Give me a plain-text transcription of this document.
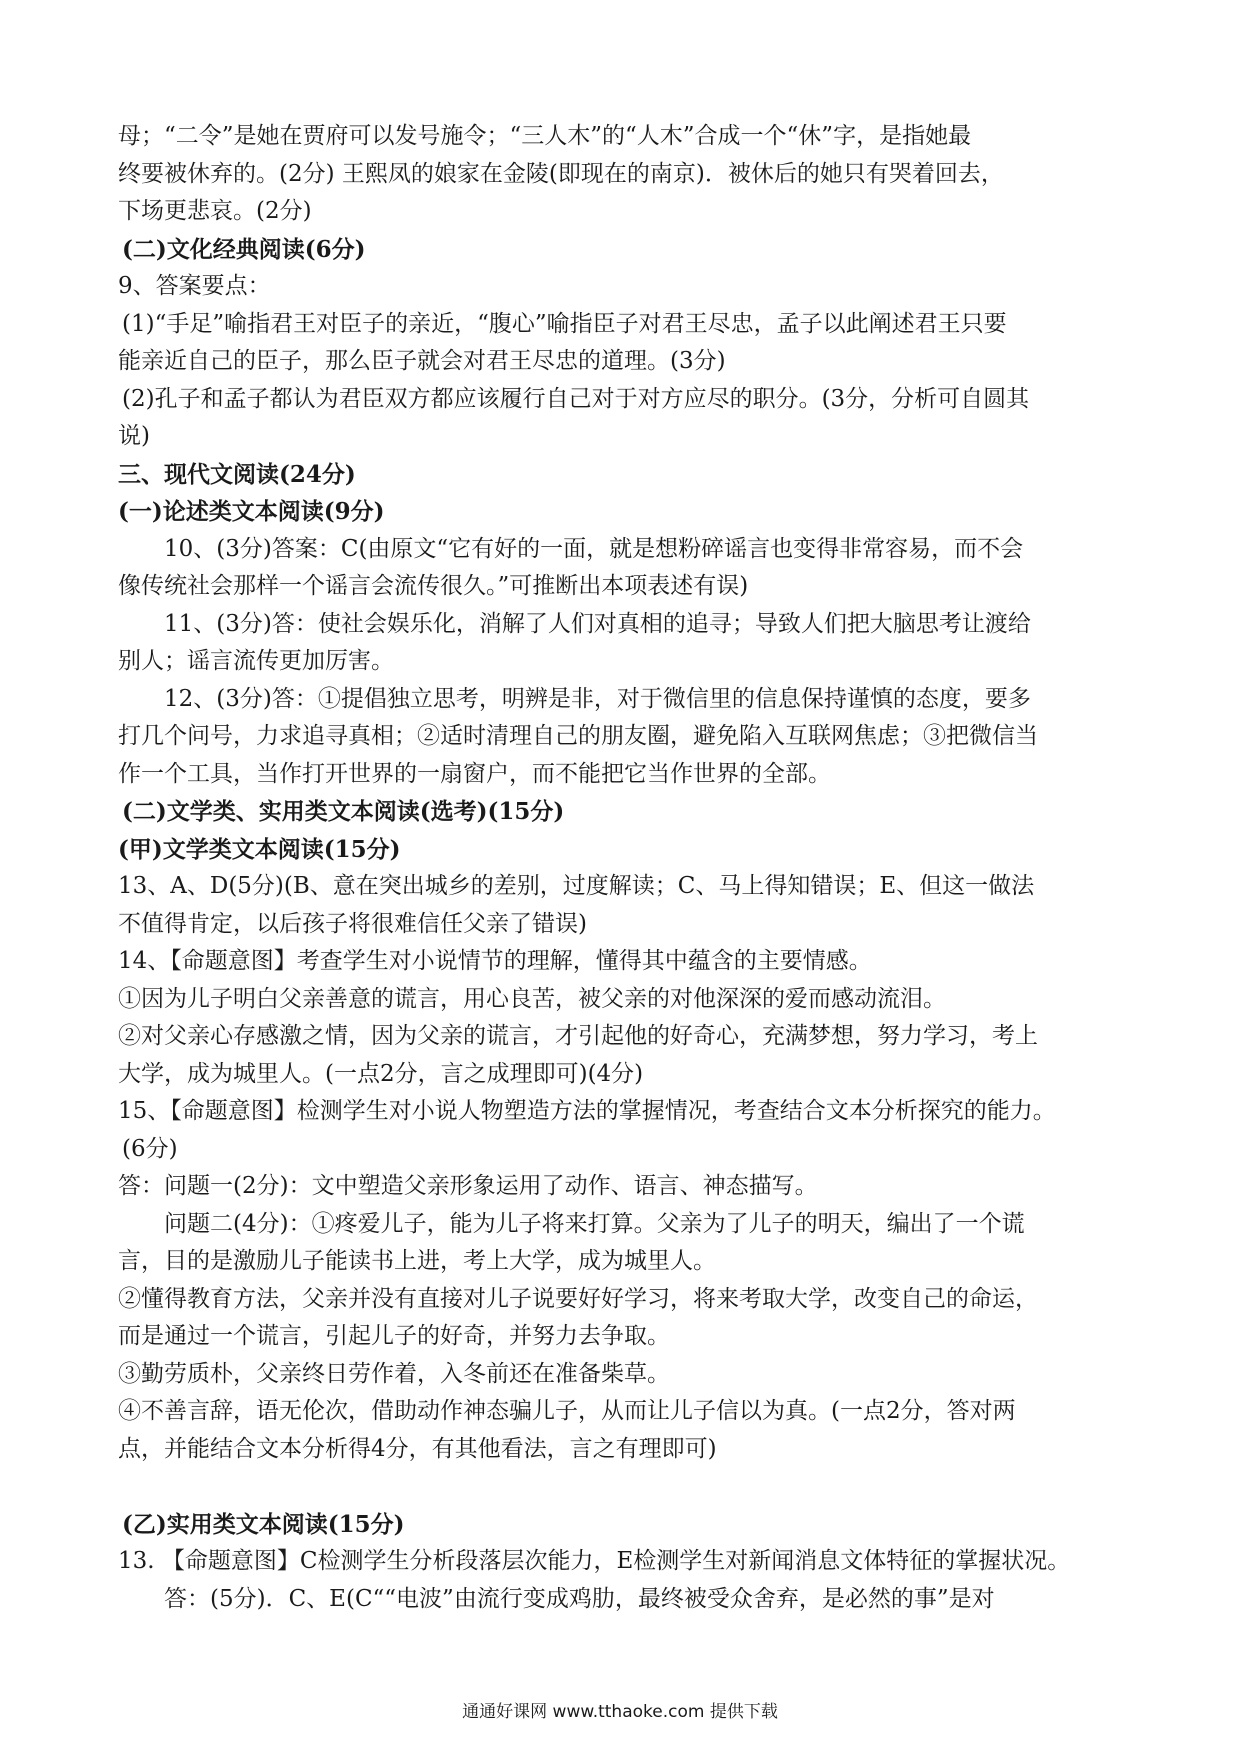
母；“二令”是她在贾府可以发号施令；“三人木”的“人木”合成一个“休”字，是指她最
终要被休弃的。(2分) 王熙凤的娘家在金陵(即现在的南京)．被休后的她只有哭着回去，
下场更悲哀。(2分)
(二)文化经典阅读(6分)
9、答案要点：
(1)“手足”喻指君王对臣子的亲近，“腹心”喻指臣子对君王尽忠，孟子以此阐述君王只要
能亲近自己的臣子，那么臣子就会对君王尽忠的道理。(3分)
(2)孔子和孟子都认为君臣双方都应该履行自己对于对方应尽的职分。(3分，分析可自圆其
说)
三、现代文阅读(24分)
(一)论述类文本阅读(9分)
10、(3分)答案：C(由原文“它有好的一面，就是想粉碎谣言也变得非常容易，而不会
像传统社会那样一个谣言会流传很久。”可推断出本项表述有误)
11、(3分)答：使社会娱乐化，消解了人们对真相的追寻；导致人们把大脑思考让渡给
别人；谣言流传更加厉害。
12、(3分)答：①提倡独立思考，明辨是非，对于微信里的信息保持谨慎的态度，要多
打几个问号，力求追寻真相；②适时清理自己的朋友圈，避免陷入互联网焦虑；③把微信当
作一个工具，当作打开世界的一扇窗户，而不能把它当作世界的全部。
(二)文学类、实用类文本阅读(选考)(15分)
(甲)文学类文本阅读(15分)
13、A、D(5分)(B、意在突出城乡的差别，过度解读；C、马上得知错误；E、但这一做法
不值得肯定，以后孩子将很难信任父亲了错误)
14、【命题意图】考查学生对小说情节的理解，懂得其中蕴含的主要情感。
①因为儿子明白父亲善意的谎言，用心良苦，被父亲的对他深深的爱而感动流泪。
②对父亲心存感激之情，因为父亲的谎言，才引起他的好奇心，充满梦想，努力学习，考上
大学，成为城里人。(一点2分，言之成理即可)(4分)
15、【命题意图】检测学生对小说人物塑造方法的掌握情况，考查结合文本分析探究的能力。
(6分)
答：问题一(2分)：文中塑造父亲形象运用了动作、语言、神态描写。
问题二(4分)：①疼爱儿子，能为儿子将来打算。父亲为了儿子的明天，编出了一个谎
言，目的是激励儿子能读书上进，考上大学，成为城里人。
②懂得教育方法，父亲并没有直接对儿子说要好好学习，将来考取大学，改变自己的命运，
而是通过一个谎言，引起儿子的好奇，并努力去争取。
③勤劳质朴，父亲终日劳作着，入冬前还在准备柴草。
④不善言辞，语无伦次，借助动作神态骗儿子，从而让儿子信以为真。(一点2分，答对两
点，并能结合文本分析得4分，有其他看法，言之有理即可)
(乙)实用类文本阅读(15分)
13. 【命题意图】C检测学生分析段落层次能力，E检测学生对新闻消息文体特征的掌握状况。
答：(5分)．C、E(C““电波”由流行变成鸡肋，最终被受众舍弃，是必然的事”是对
通通好课网 www.tthaoke.com 提供下载
